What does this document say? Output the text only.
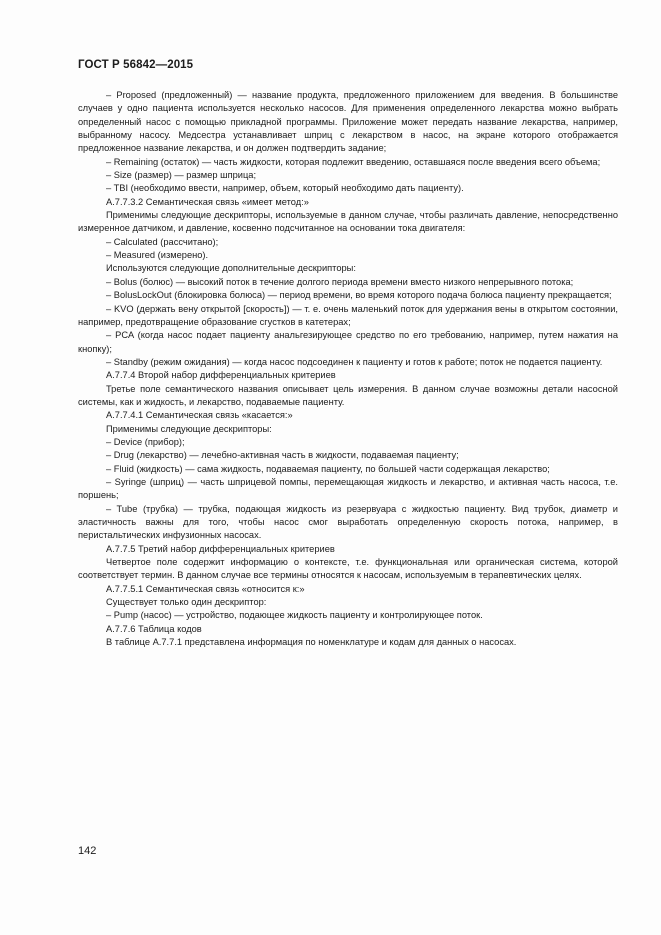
ГОСТ Р 56842—2015

– Proposed (предложенный) — название продукта, предложенного приложением для введения. В большинстве случаев у одно пациента используется несколько насосов. Для применения определенного лекарства можно выбрать определенный насос с помощью прикладной программы. Приложение может передать название лекарства, например, выбранному насосу. Медсестра устанавливает шприц с лекарством в насос, на экране которого отображается предложенное название лекарства, и он должен подтвердить задание;

– Remaining (остаток) — часть жидкости, которая подлежит введению, оставшаяся после введения всего объема;

– Size (размер) — размер шприца;

– TBI (необходимо ввести, например, объем, который необходимо дать пациенту).

А.7.7.3.2 Семантическая связь «имеет метод:»

Применимы следующие дескрипторы, используемые в данном случае, чтобы различать давление, непосредственно измеренное датчиком, и давление, косвенно подсчитанное на основании тока двигателя:

– Calculated (рассчитано);

– Measured (измерено).

Используются следующие дополнительные дескрипторы:

– Bolus (болюс) — высокий поток в течение долгого периода времени вместо низкого непрерывного потока;

– BolusLockOut (блокировка болюса) — период времени, во время которого подача болюса пациенту прекращается;

– KVO (держать вену открытой [скорость]) — т. е. очень маленький поток для удержания вены в открытом состоянии, например, предотвращение образование сгустков в катетерах;

– PCA (когда насос подает пациенту анальгезирующее средство по его требованию, например, путем нажатия на кнопку);

– Standby (режим ожидания) — когда насос подсоединен к пациенту и готов к работе; поток не подается пациенту.

А.7.7.4 Второй набор дифференциальных критериев

Третье поле семантического названия описывает цель измерения. В данном случае возможны детали насосной системы, как и жидкость, и лекарство, подаваемые пациенту.

А.7.7.4.1 Семантическая связь «касается:»

Применимы следующие дескрипторы:

– Device (прибор);

– Drug (лекарство) — лечебно-активная часть в жидкости, подаваемая пациенту;

– Fluid (жидкость) — сама жидкость, подаваемая пациенту, по большей части содержащая лекарство;

– Syringe (шприц) — часть шприцевой помпы, перемещающая жидкость и лекарство, и активная часть насоса, т.е. поршень;

– Tube (трубка) — трубка, подающая жидкость из резервуара с жидкостью пациенту. Вид трубок, диаметр и эластичность важны для того, чтобы насос смог выработать определенную скорость потока, например, в перистальтических инфузионных насосах.

А.7.7.5 Третий набор дифференциальных критериев

Четвертое поле содержит информацию о контексте, т.е. функциональная или органическая система, которой соответствует термин. В данном случае все термины относятся к насосам, используемым в терапевтических целях.

А.7.7.5.1 Семантическая связь «относится к:»

Существует только один дескриптор:

– Pump (насос) — устройство, подающее жидкость пациенту и контролирующее поток.

А.7.7.6 Таблица кодов

В таблице А.7.7.1 представлена информация по номенклатуре и кодам для данных о насосах.

142
